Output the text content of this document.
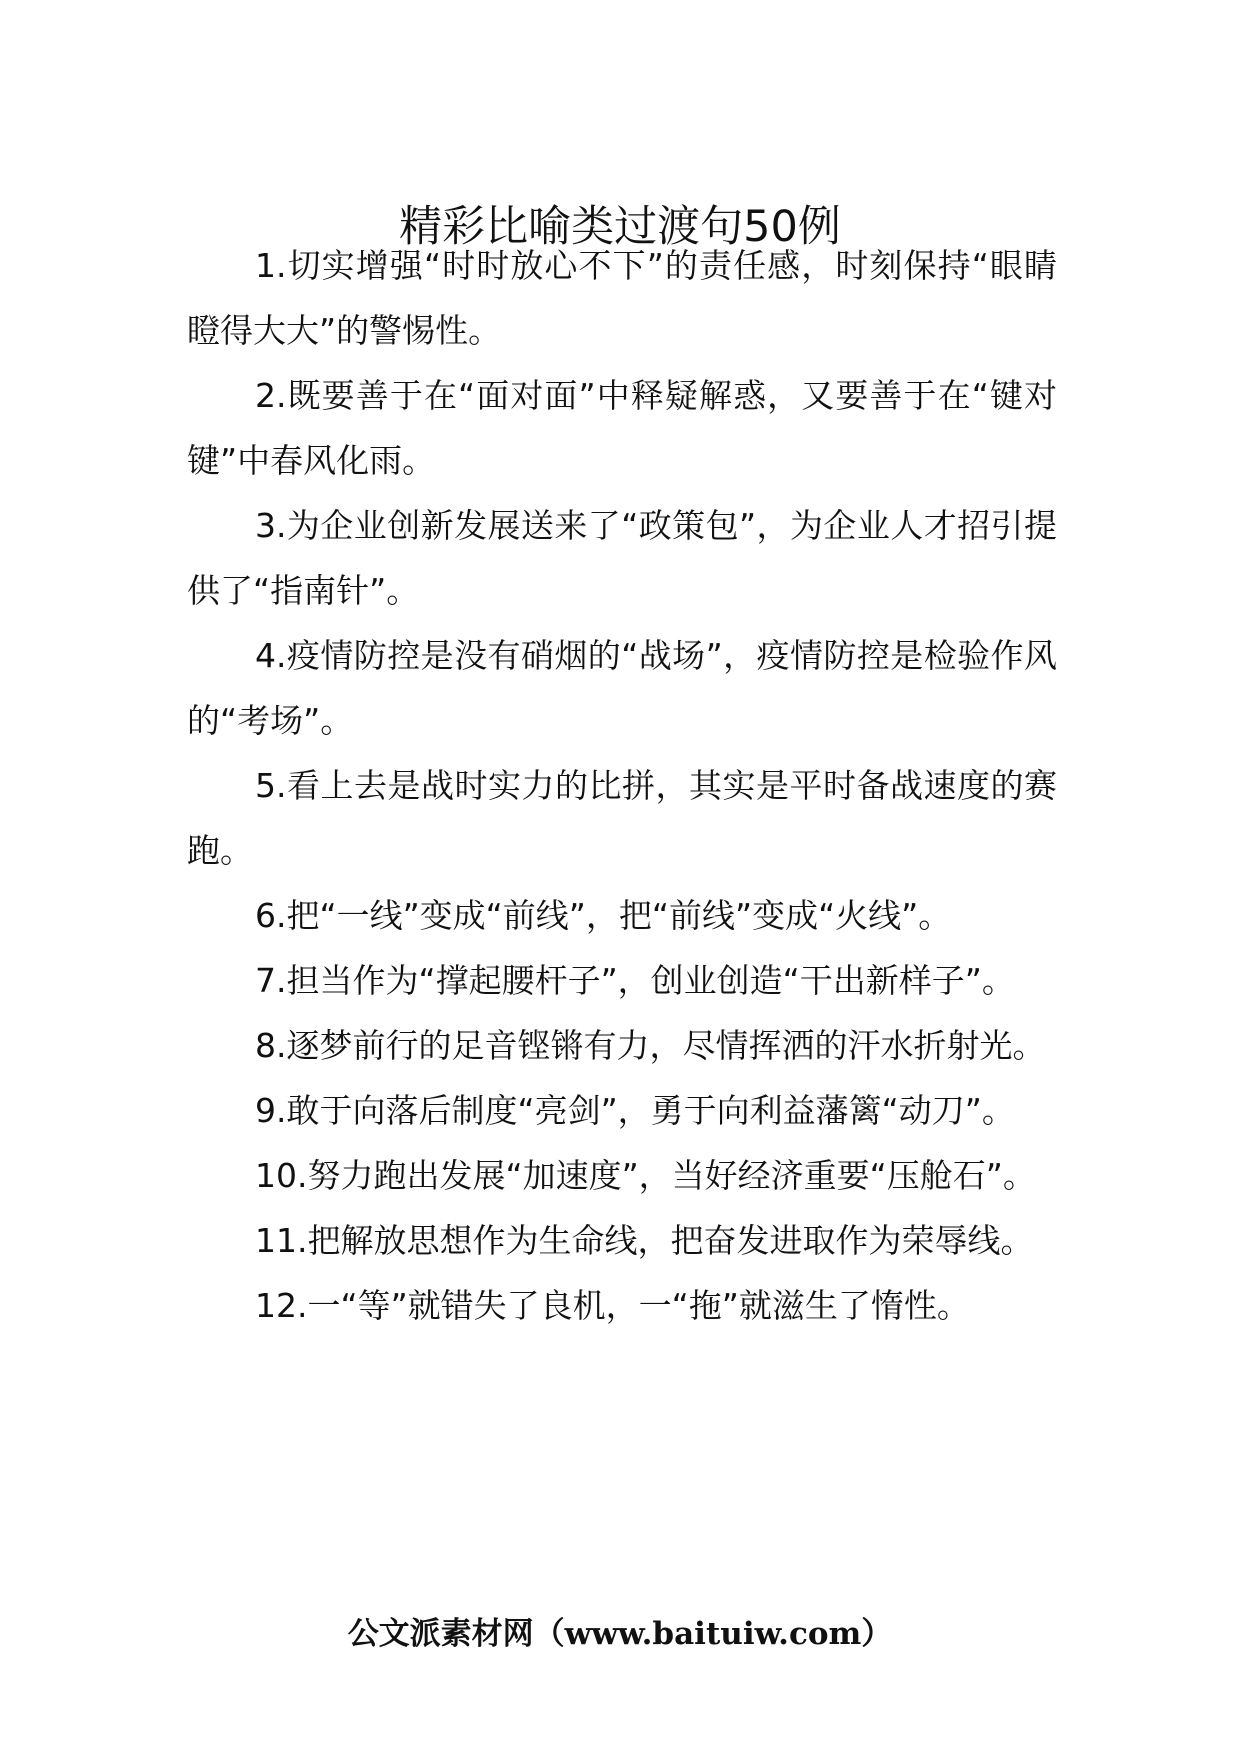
精彩比喻类过渡句50例

1.切实增强“时时放心不下”的责任感，时刻保持“眼睛瞪得大大”的警惕性。

2.既要善于在“面对面”中释疑解惑，又要善于在“键对键”中春风化雨。

3.为企业创新发展送来了“政策包”，为企业人才招引提供了“指南针”。

4.疫情防控是没有硝烟的“战场”，疫情防控是检验作风的“考场”。

5.看上去是战时实力的比拼，其实是平时备战速度的赛跑。

6.把“一线”变成“前线”，把“前线”变成“火线”。

7.担当作为“撑起腰杆子”，创业创造“干出新样子”。

8.逐梦前行的足音铿锵有力，尽情挥洒的汗水折射光。

9.敢于向落后制度“亮剑”，勇于向利益藩篱“动刀”。

10.努力跑出发展“加速度”，当好经济重要“压舱石”。

11.把解放思想作为生命线，把奋发进取作为荣辱线。

12.一“等”就错失了良机，一“拖”就滋生了惰性。

公文派素材网（www.baituiw.com）
